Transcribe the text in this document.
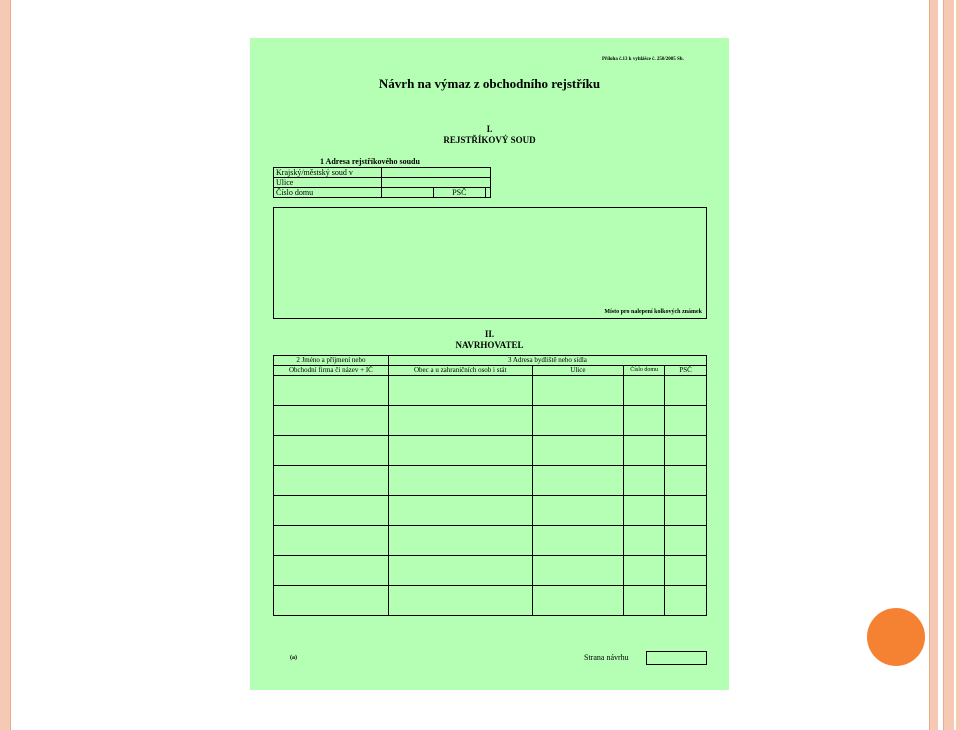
Příloha č.13 k vyhlášce č. 250/2005 Sb.
Návrh na výmaz z obchodního rejstříku
I.
REJSTŘÍKOVÝ SOUD
1 Adresa rejstříkového soudu
Krajský/městský soud v			
Ulice			
Číslo domu		PSČ	
Místo pro nalepení kolkových známek
II.
NAVRHOVATEL
2 Jméno a příjmení nebo	3 Adresa bydliště nebo sídla			
Obchodní firma či název + IČ	Obec a u zahraničních osob i stát	Ulice	Číslo domu	PSČ

(a)	Strana návrhu
